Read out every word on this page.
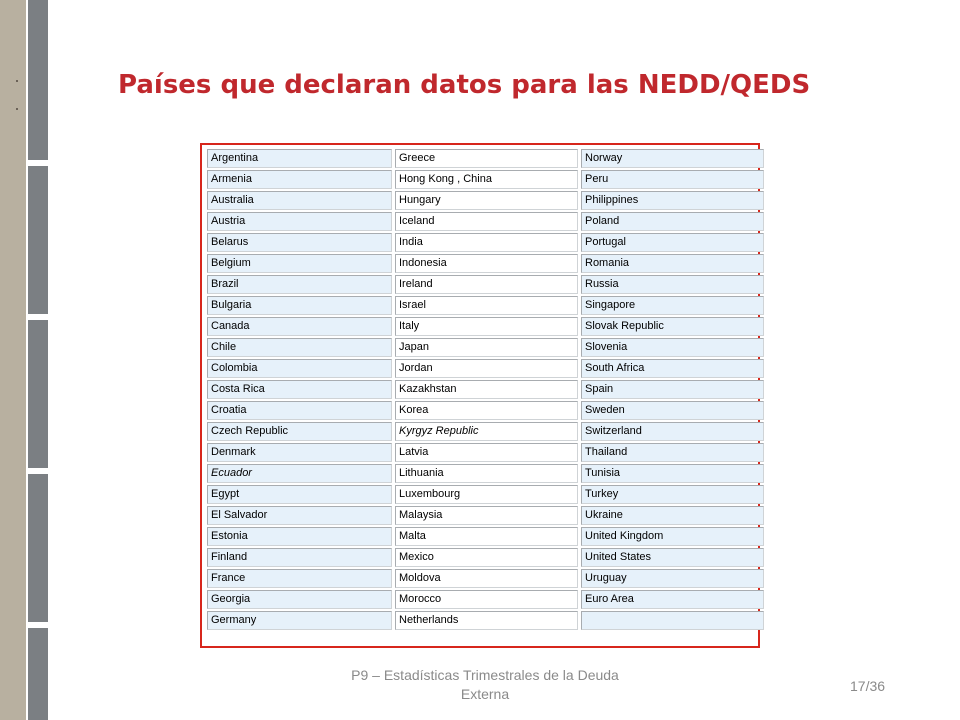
Países que declaran datos para las NEDD/QEDS
Argentina	Greece	Norway
Armenia	Hong Kong , China	Peru
Australia	Hungary	Philippines
Austria	Iceland	Poland
Belarus	India	Portugal
Belgium	Indonesia	Romania
Brazil	Ireland	Russia
Bulgaria	Israel	Singapore
Canada	Italy	Slovak Republic
Chile	Japan	Slovenia
Colombia	Jordan	South Africa
Costa Rica	Kazakhstan	Spain
Croatia	Korea	Sweden
Czech Republic	Kyrgyz Republic	Switzerland
Denmark	Latvia	Thailand
Ecuador	Lithuania	Tunisia
Egypt	Luxembourg	Turkey
El Salvador	Malaysia	Ukraine
Estonia	Malta	United Kingdom
Finland	Mexico	United States
France	Moldova	Uruguay
Georgia	Morocco	Euro Area
Germany	Netherlands	
P9 – Estadísticas Trimestrales de la Deuda Externa	17/36
